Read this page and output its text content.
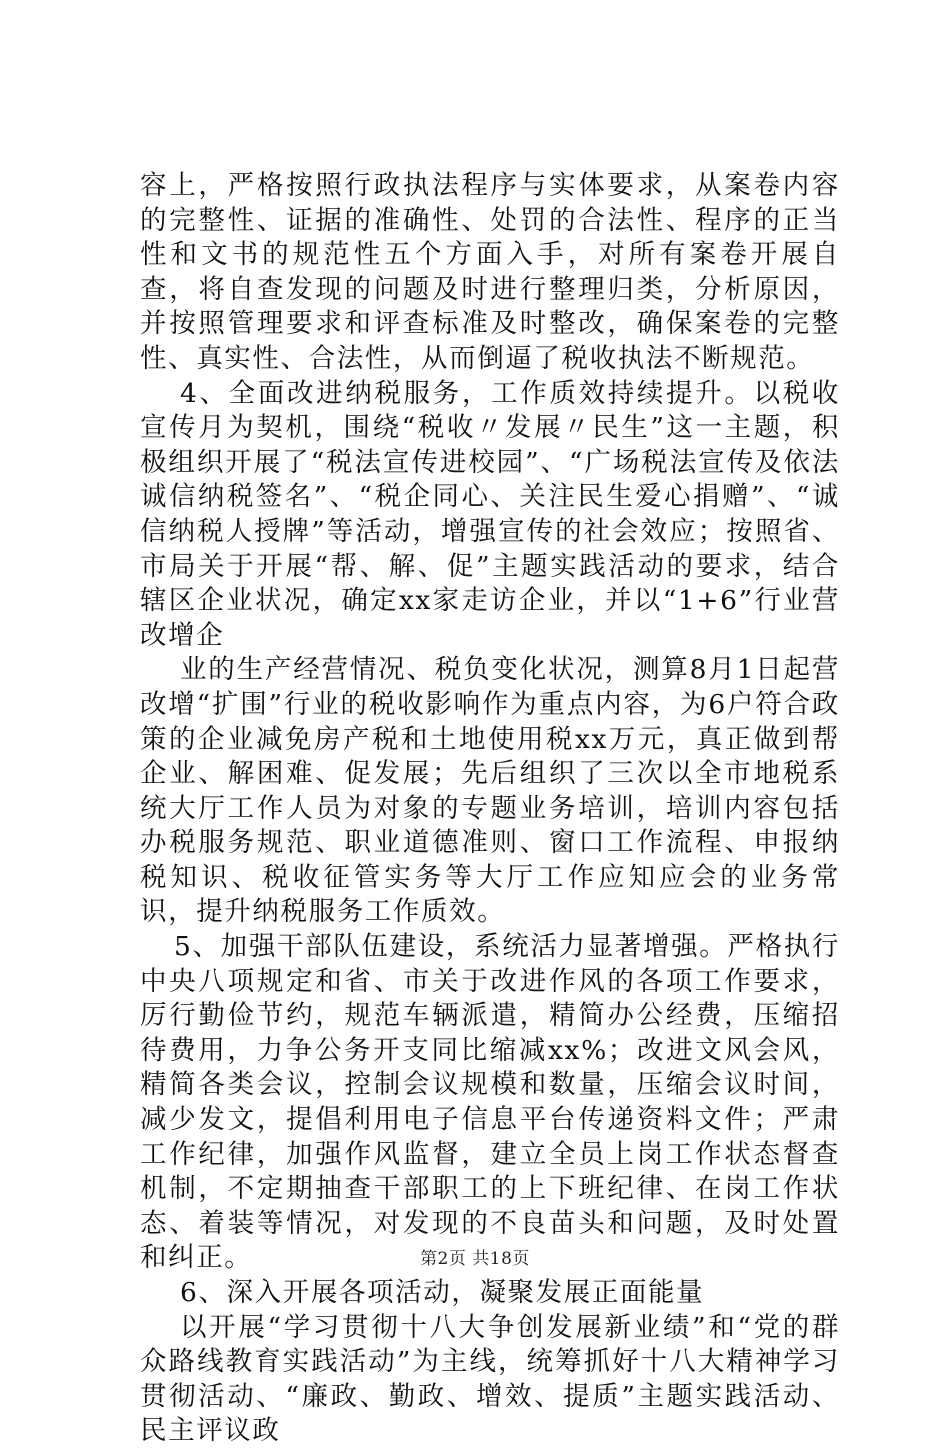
容上，严格按照行政执法程序与实体要求，从案卷内容的完整性、证据的准确性、处罚的合法性、程序的正当性和文书的规范性五个方面入手，对所有案卷开展自查，将自查发现的问题及时进行整理归类，分析原因，并按照管理要求和评查标准及时整改，确保案卷的完整性、真实性、合法性，从而倒逼了税收执法不断规范。

4、全面改进纳税服务，工作质效持续提升。以税收宣传月为契机，围绕“税收〃发展〃民生”这一主题，积极组织开展了“税法宣传进校园”、“广场税法宣传及依法诚信纳税签名”、“税企同心、关注民生爱心捐赠”、“诚信纳税人授牌”等活动，增强宣传的社会效应；按照省、市局关于开展“帮、解、促”主题实践活动的要求，结合辖区企业状况，确定xx家走访企业，并以“1+6”行业营改增企

业的生产经营情况、税负变化状况，测算8月1日起营改增“扩围”行业的税收影响作为重点内容，为6户符合政策的企业减免房产税和土地使用税xx万元，真正做到帮企业、解困难、促发展；先后组织了三次以全市地税系统大厅工作人员为对象的专题业务培训，培训内容包括办税服务规范、职业道德准则、窗口工作流程、申报纳税知识、税收征管实务等大厅工作应知应会的业务常识，提升纳税服务工作质效。

5、加强干部队伍建设，系统活力显著增强。严格执行中央八项规定和省、市关于改进作风的各项工作要求，厉行勤俭节约，规范车辆派遣，精简办公经费，压缩招待费用，力争公务开支同比缩减xx%；改进文风会风，精简各类会议，控制会议规模和数量，压缩会议时间，减少发文，提倡利用电子信息平台传递资料文件；严肃工作纪律，加强作风监督，建立全员上岗工作状态督查机制，不定期抽查干部职工的上下班纪律、在岗工作状态、着装等情况，对发现的不良苗头和问题，及时处置和纠正。

6、深入开展各项活动，凝聚发展正面能量

以开展“学习贯彻十八大争创发展新业绩”和“党的群众路线教育实践活动”为主线，统筹抓好十八大精神学习贯彻活动、“廉政、勤政、增效、提质”主题实践活动、民主评议政

第2页 共18页
